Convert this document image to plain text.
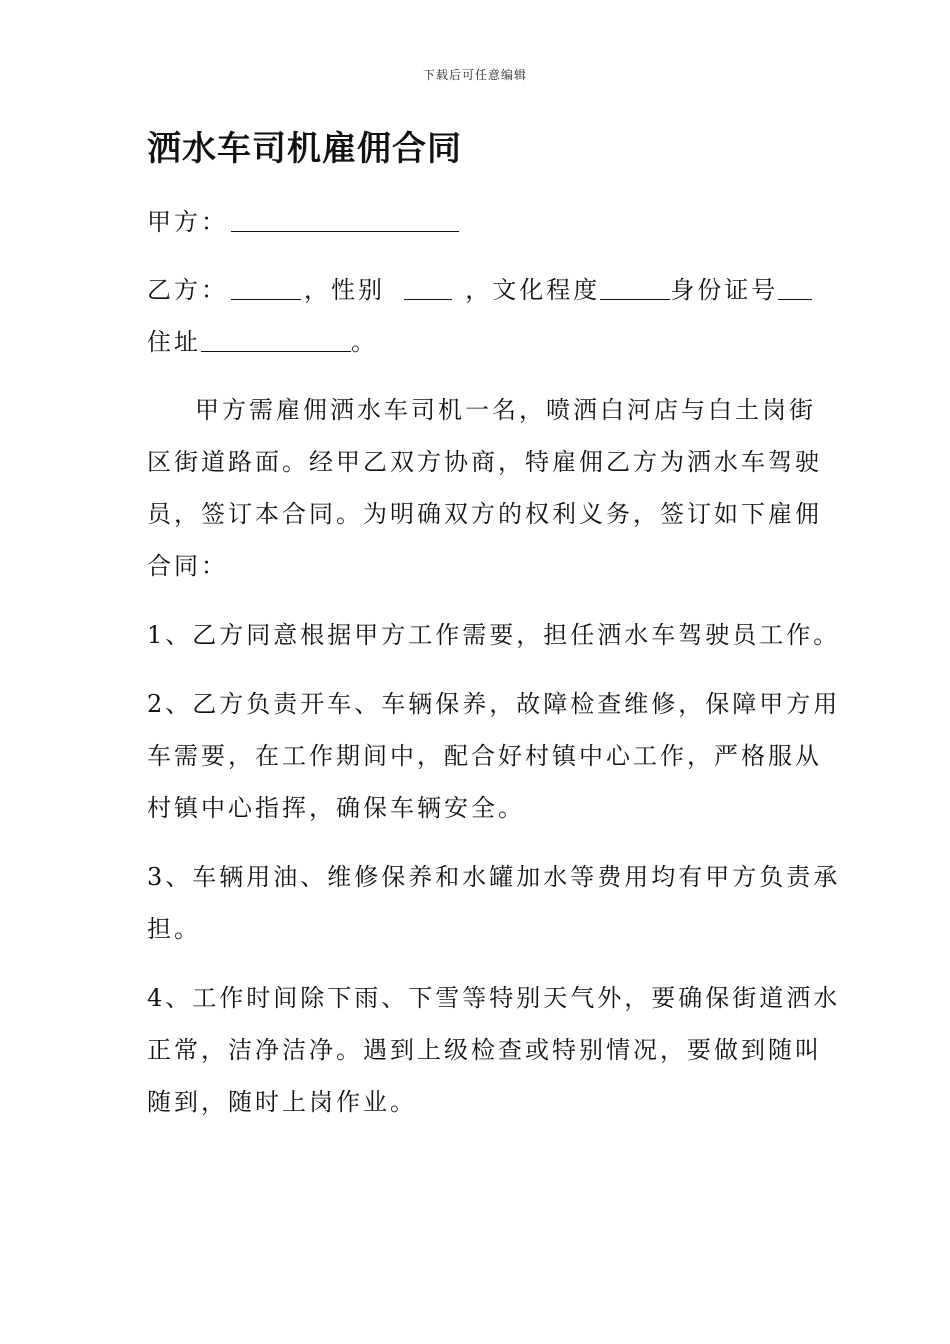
下载后可任意编辑
洒水车司机雇佣合同
甲方：
乙方：	，性别	，文化程度	身份证号
住址	。
甲方需雇佣洒水车司机一名，喷洒白河店与白土岗街
区街道路面。经甲乙双方协商，特雇佣乙方为洒水车驾驶
员，签订本合同。为明确双方的权利义务，签订如下雇佣
合同：
1、乙方同意根据甲方工作需要，担任洒水车驾驶员工作。
2、乙方负责开车、车辆保养，故障检查维修，保障甲方用
车需要，在工作期间中，配合好村镇中心工作，严格服从
村镇中心指挥，确保车辆安全。
3、车辆用油、维修保养和水罐加水等费用均有甲方负责承
担。
4、工作时间除下雨、下雪等特别天气外，要确保街道洒水
正常，洁净洁净。遇到上级检查或特别情况，要做到随叫
随到，随时上岗作业。
